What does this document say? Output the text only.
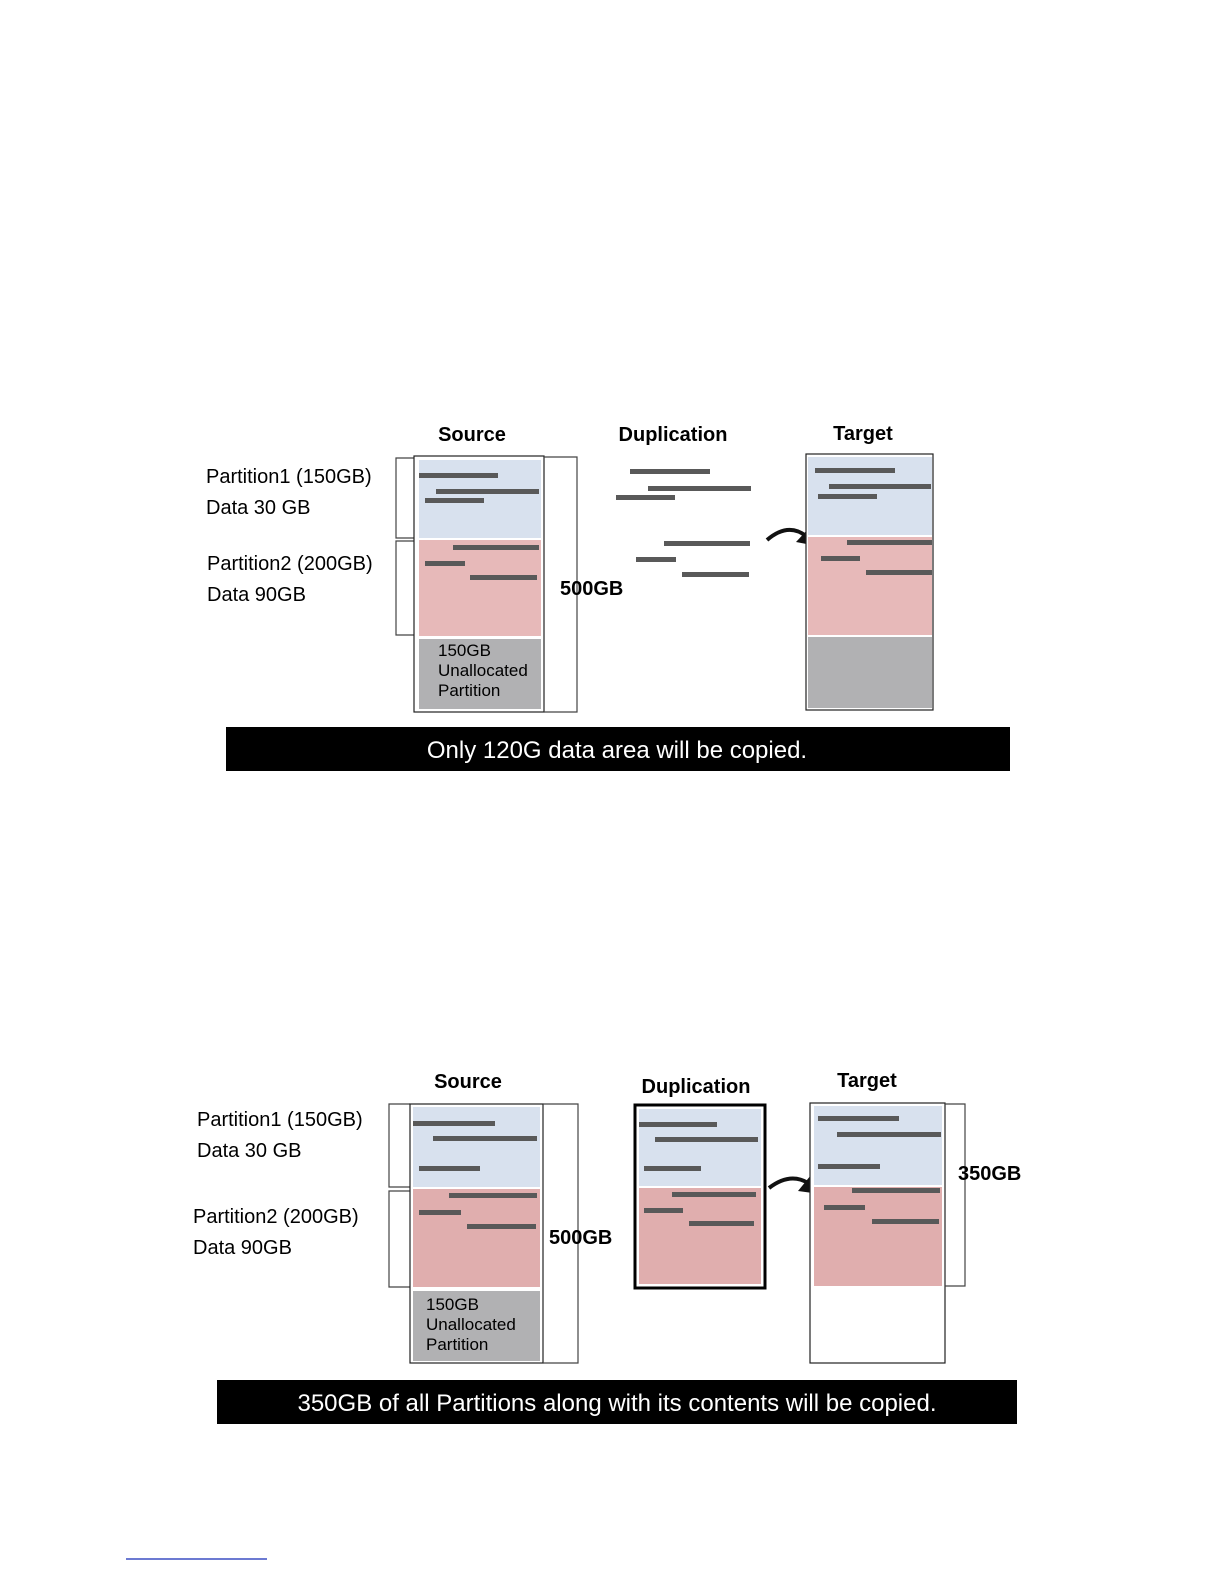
Source	Duplication	Target
Partition1 (150GB)
Data 30 GB
Partition2 (200GB)
Data 90GB
150GB
Unallocated
Partition
500GB
Only 120G data area will be copied.
Source	Duplication	Target
Partition1 (150GB)
Data 30 GB
Partition2 (200GB)
Data 90GB
150GB
Unallocated
Partition
500GB
350GB
350GB of all Partitions along with its contents will be copied.
